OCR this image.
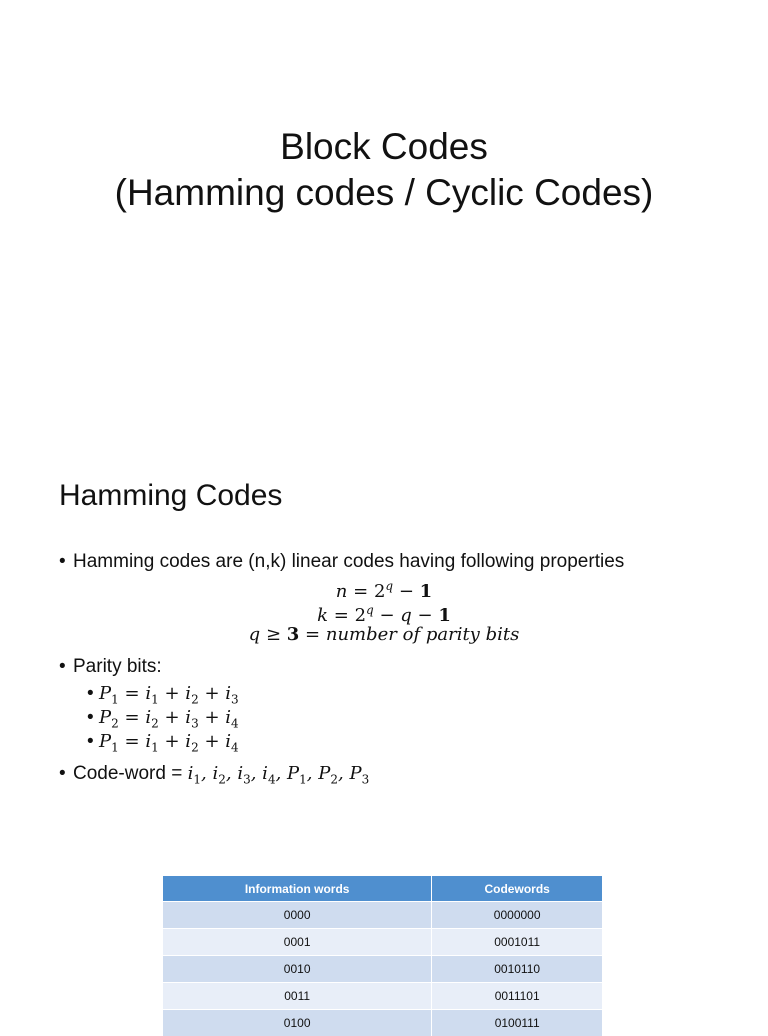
Block Codes
(Hamming codes / Cyclic Codes)
Hamming Codes
• Hamming codes are (n,k) linear codes having following properties
$n = 2^q - 1$
$k = 2^q - q - 1$
q ≥ 3 = number of parity bits
• Parity bits:
• $P_1 = i_1 + i_2 + i_3$
• $P_2 = i_2 + i_3 + i_4$
• $P_1 = i_1 + i_2 + i_4$
• Code-word = $i_1$, $i_2$, $i_3$, $i_4$, $P_1$, $P_2$, $P_3$
Information words	Codewords
0000	0000000
0001	0001011
0010	0010110
0011	0011101
0100	0100111
